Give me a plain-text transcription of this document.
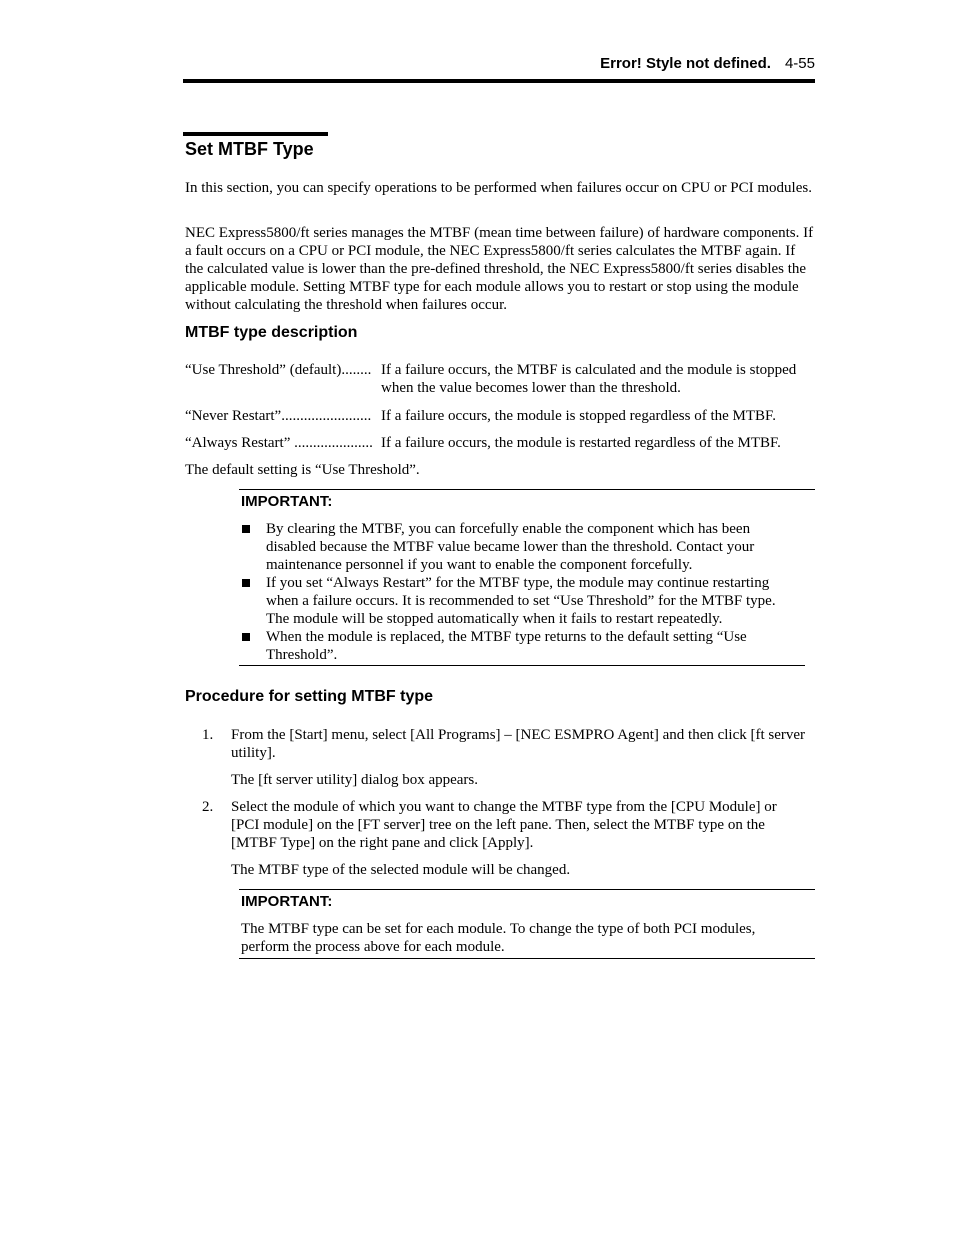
Error! Style not defined. 4-55
Set MTBF Type

In this section, you can specify operations to be performed when failures occur on CPU or PCI modules.

NEC Express5800/ft series manages the MTBF (mean time between failure) of hardware components. If a fault occurs on a CPU or PCI module, the NEC Express5800/ft series calculates the MTBF again. If the calculated value is lower than the pre-defined threshold, the NEC Express5800/ft series disables the applicable module. Setting MTBF type for each module allows you to restart or stop using the module without calculating the threshold when failures occur.

MTBF type description
“Use Threshold” (default)........ If a failure occurs, the MTBF is calculated and the module is stopped when the value becomes lower than the threshold.
“Never Restart”........................ If a failure occurs, the module is stopped regardless of the MTBF.
“Always Restart” ..................... If a failure occurs, the module is restarted regardless of the MTBF.

The default setting is “Use Threshold”.

IMPORTANT:
By clearing the MTBF, you can forcefully enable the component which has been disabled because the MTBF value became lower than the threshold. Contact your maintenance personnel if you want to enable the component forcefully.
If you set “Always Restart” for the MTBF type, the module may continue restarting when a failure occurs. It is recommended to set “Use Threshold” for the MTBF type. The module will be stopped automatically when it fails to restart repeatedly.
When the module is replaced, the MTBF type returns to the default setting “Use Threshold”.
Procedure for setting MTBF type
1. From the [Start] menu, select [All Programs] – [NEC ESMPRO Agent] and then click [ft server utility].

The [ft server utility] dialog box appears.

2. Select the module of which you want to change the MTBF type from the [CPU Module] or [PCI module] on the [FT server] tree on the left pane. Then, select the MTBF type on the [MTBF Type] on the right pane and click [Apply].

The MTBF type of the selected module will be changed.

IMPORTANT:
The MTBF type can be set for each module. To change the type of both PCI modules, perform the process above for each module.
